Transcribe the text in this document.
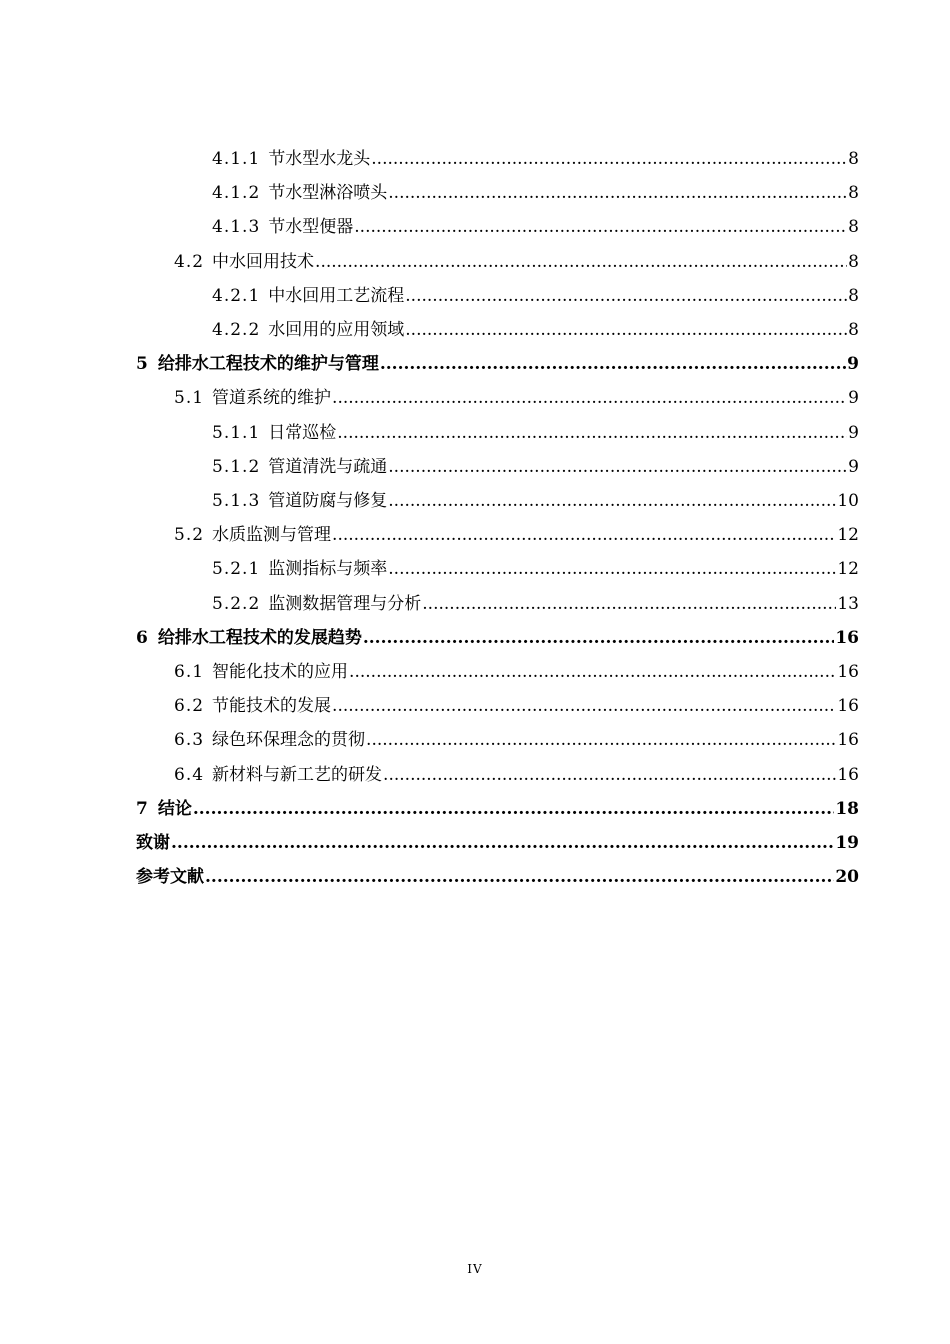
4.1.1 节水型水龙头 .....	8
4.1.2 节水型淋浴喷头 .....	8
4.1.3 节水型便器 .....	8
4.2 中水回用技术 .....	8
4.2.1 中水回用工艺流程 .....	8
4.2.2 水回用的应用领域 .....	8
5 给排水工程技术的维护与管理 .....	9
5.1 管道系统的维护 .....	9
5.1.1 日常巡检 .....	9
5.1.2 管道清洗与疏通 .....	9
5.1.3 管道防腐与修复 .....	10
5.2 水质监测与管理 .....	12
5.2.1 监测指标与频率 .....	12
5.2.2 监测数据管理与分析 .....	13
6 给排水工程技术的发展趋势 .....	16
6.1 智能化技术的应用 .....	16
6.2 节能技术的发展 .....	16
6.3 绿色环保理念的贯彻 .....	16
6.4 新材料与新工艺的研发 .....	16
7 结论 .....	18
致谢 .....	19
参考文献 .....	20
IV
